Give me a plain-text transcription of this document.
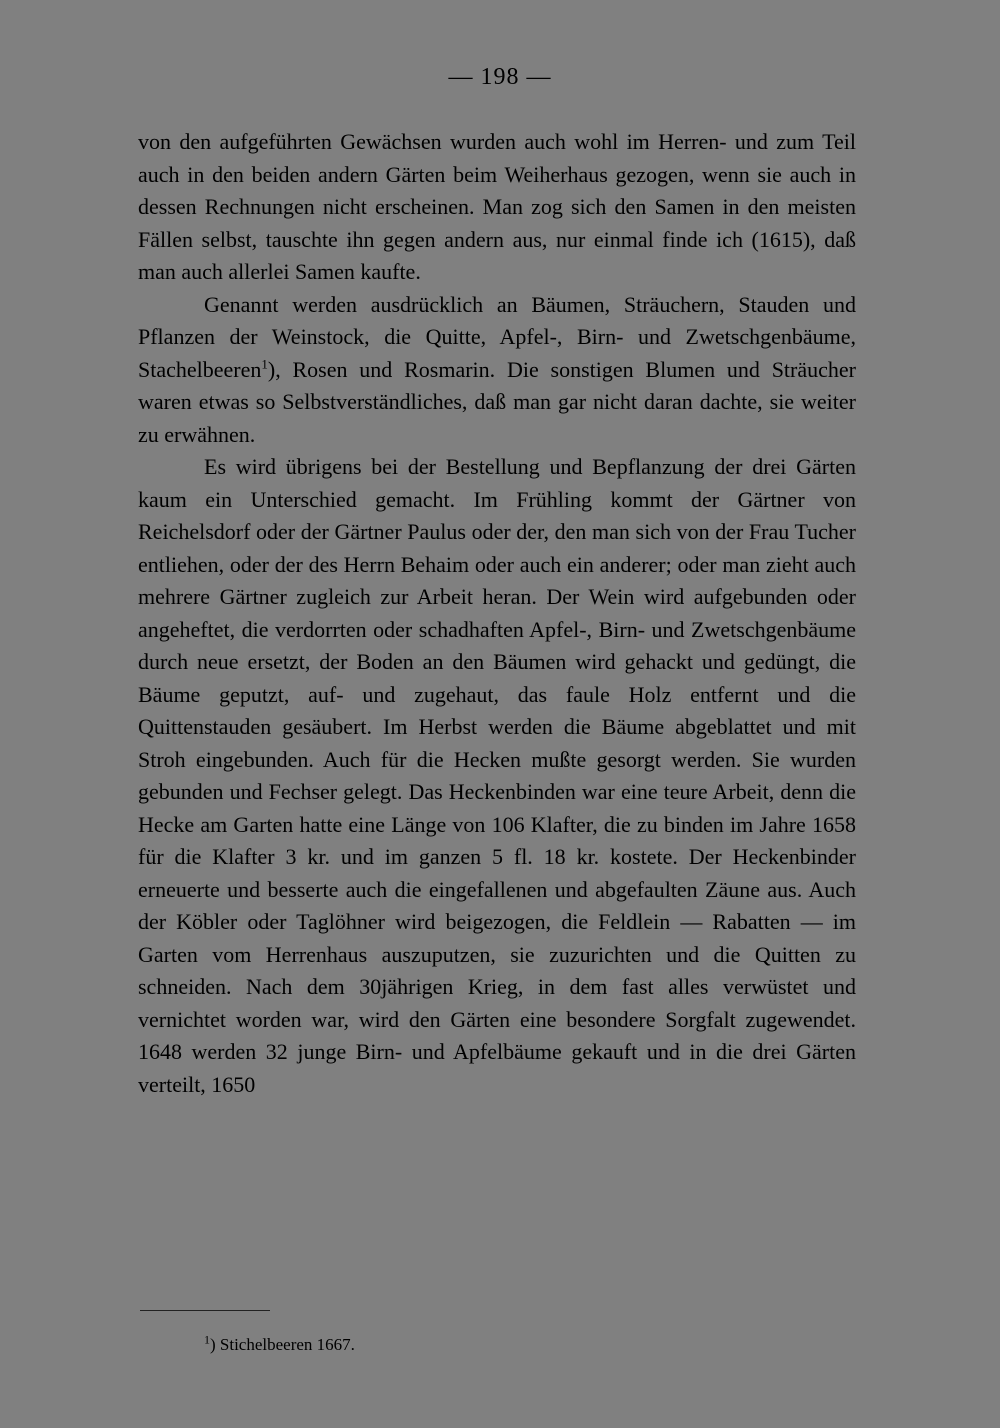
— 198 —

von den aufgeführten Gewächsen wurden auch wohl im Herren- und zum Teil auch in den beiden andern Gärten beim Weiherhaus gezogen, wenn sie auch in dessen Rechnungen nicht erscheinen. Man zog sich den Samen in den meisten Fällen selbst, tauschte ihn gegen andern aus, nur einmal finde ich (1615), daß man auch allerlei Samen kaufte.

Genannt werden ausdrücklich an Bäumen, Sträuchern, Stauden und Pflanzen der Weinstock, die Quitte, Apfel-, Birn- und Zwetschgenbäume, Stachelbeeren$^1$), Rosen und Rosmarin. Die sonstigen Blumen und Sträucher waren etwas so Selbstverständliches, daß man gar nicht daran dachte, sie weiter zu erwähnen.

Es wird übrigens bei der Bestellung und Bepflanzung der drei Gärten kaum ein Unterschied gemacht. Im Frühling kommt der Gärtner von Reichelsdorf oder der Gärtner Paulus oder der, den man sich von der Frau Tucher entliehen, oder der des Herrn Behaim oder auch ein anderer; oder man zieht auch mehrere Gärtner zugleich zur Arbeit heran. Der Wein wird aufgebunden oder angeheftet, die verdorrten oder schadhaften Apfel-, Birn- und Zwetschgenbäume durch neue ersetzt, der Boden an den Bäumen wird gehackt und gedüngt, die Bäume geputzt, auf- und zugehaut, das faule Holz entfernt und die Quittenstauden gesäubert. Im Herbst werden die Bäume abgeblattet und mit Stroh eingebunden. Auch für die Hecken mußte gesorgt werden. Sie wurden gebunden und Fechser gelegt. Das Heckenbinden war eine teure Arbeit, denn die Hecke am Garten hatte eine Länge von 106 Klafter, die zu binden im Jahre 1658 für die Klafter 3 kr. und im ganzen 5 fl. 18 kr. kostete. Der Heckenbinder erneuerte und besserte auch die eingefallenen und abgefaulten Zäune aus. Auch der Köbler oder Taglöhner wird beigezogen, die Feldlein — Rabatten — im Garten vom Herrenhaus auszuputzen, sie zuzurichten und die Quitten zu schneiden. Nach dem 30jährigen Krieg, in dem fast alles verwüstet und vernichtet worden war, wird den Gärten eine besondere Sorgfalt zugewendet. 1648 werden 32 junge Birn- und Apfelbäume gekauft und in die drei Gärten verteilt, 1650

$^1$) Stichelbeeren 1667.
